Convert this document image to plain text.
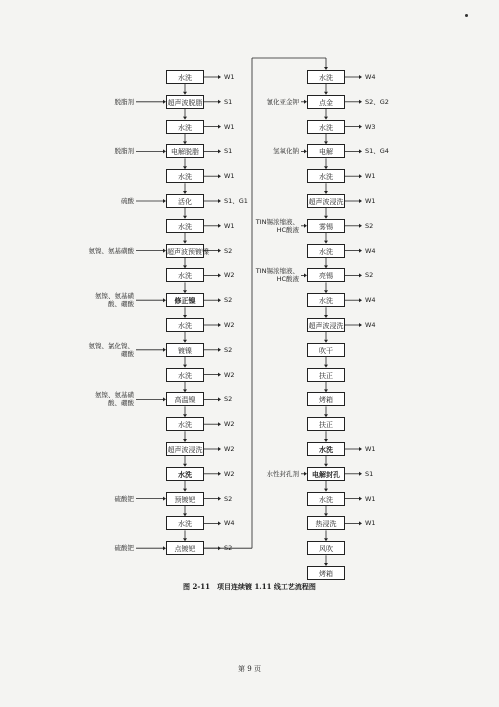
水洗	W1
超声波脱脂	S1
脱脂剂
水洗	W1
电解脱脂	S1
脱脂剂
水洗	W1
活化	S1、G1
硫酸
水洗	W1
超声波预镀镍 S2
氨镍、氨基磺酸
水洗	W2
修正镍	S2
氨镍、氨基磺酸、硼酸
水洗	W2
镀镍	S2
氨镍、氯化镍、硼酸
水洗	W2
高温镍	S2
氨镍、氨基磺酸、硼酸
水洗	W2
超声波浸洗	W2
水洗	W2
预镀钯	S2
硫酸钯
水洗	W4
点镀钯	S2
硫酸钯
水洗	W4
点金	S2、G2
氰化亚金钾
水洗	W3
电解	S1、G4
氢氧化钠
水洗	W1
超声波浸洗	W1
雾锡	S2
TIN锡浓缩液、HC酸液
水洗	W4
亮锡	S2
TIN锡浓缩液、HC酸液
水洗	W4
超声波浸洗	W4
吹干
扶正
烤箱
扶正
水洗	W1
电解封孔	S1
水性封孔剂
水洗	W1
热浸洗	W1
风吹
烤箱
图 2-11　项目连续镀 1.11 线工艺流程图
第 9 页
